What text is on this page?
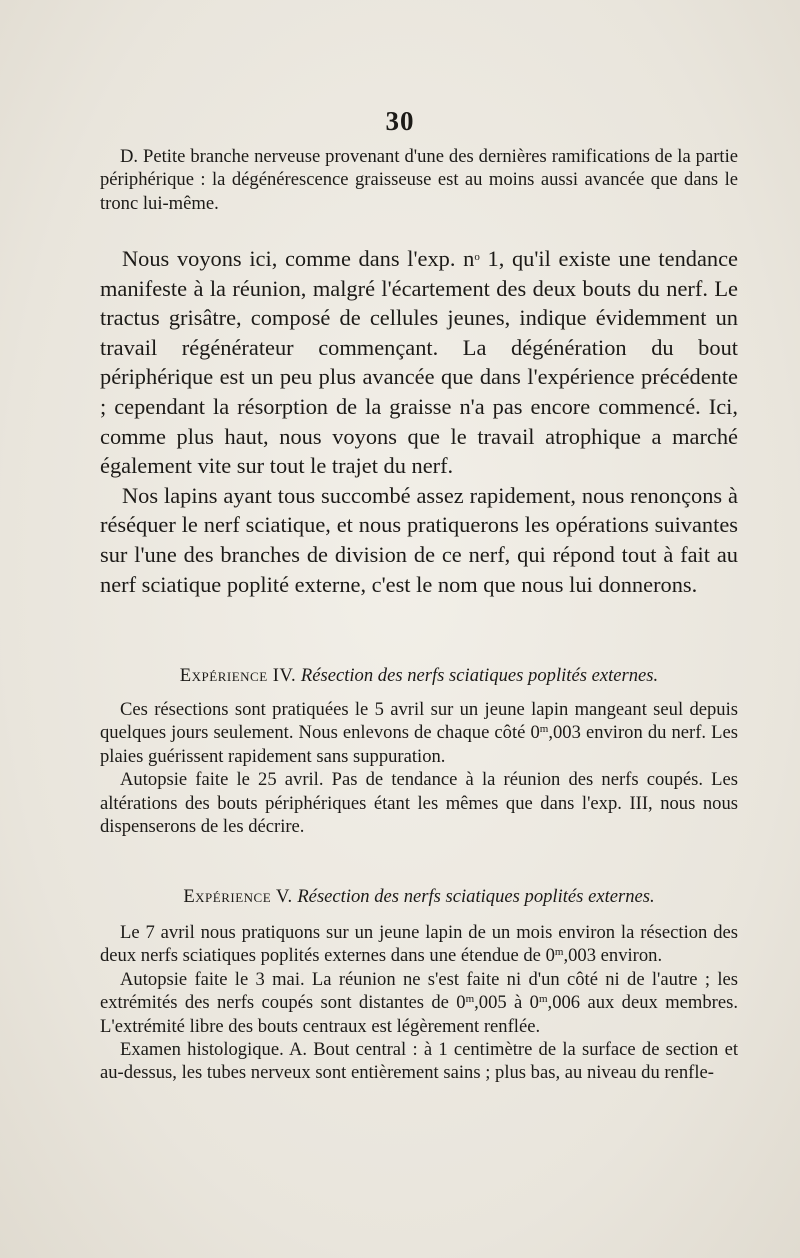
30

D. Petite branche nerveuse provenant d'une des dernières ramifications de la partie périphérique : la dégénérescence graisseuse est au moins aussi avancée que dans le tronc lui-même.

Nous voyons ici, comme dans l'exp. $n^o$ 1, qu'il existe une tendance manifeste à la réunion, malgré l'écartement des deux bouts du nerf. Le tractus grisâtre, composé de cellules jeunes, indique évidemment un travail régénérateur commençant. La dégénération du bout périphérique est un peu plus avancée que dans l'expérience précédente ; cependant la résorption de la graisse n'a pas encore commencé. Ici, comme plus haut, nous voyons que le travail atrophique a marché également vite sur tout le trajet du nerf.

Nos lapins ayant tous succombé assez rapidement, nous renonçons à réséquer le nerf sciatique, et nous pratiquerons les opérations suivantes sur l'une des branches de division de ce nerf, qui répond tout à fait au nerf sciatique poplité externe, c'est le nom que nous lui donnerons.

Expérience IV. Résection des nerfs sciatiques poplités externes.

Ces résections sont pratiquées le 5 avril sur un jeune lapin mangeant seul depuis quelques jours seulement. Nous enlevons de chaque côté 0$^m$,003 environ du nerf. Les plaies guérissent rapidement sans suppuration.

Autopsie faite le 25 avril. Pas de tendance à la réunion des nerfs coupés. Les altérations des bouts périphériques étant les mêmes que dans l'exp. III, nous nous dispenserons de les décrire.

Expérience V. Résection des nerfs sciatiques poplités externes.

Le 7 avril nous pratiquons sur un jeune lapin de un mois environ la résection des deux nerfs sciatiques poplités externes dans une étendue de 0$^m$,003 environ.

Autopsie faite le 3 mai. La réunion ne s'est faite ni d'un côté ni de l'autre ; les extrémités des nerfs coupés sont distantes de 0$^m$,005 à 0$^m$,006 aux deux membres. L'extrémité libre des bouts centraux est légèrement renflée.

Examen histologique. A. Bout central : à 1 centimètre de la surface de section et au-dessus, les tubes nerveux sont entièrement sains ; plus bas, au niveau du renfle-
